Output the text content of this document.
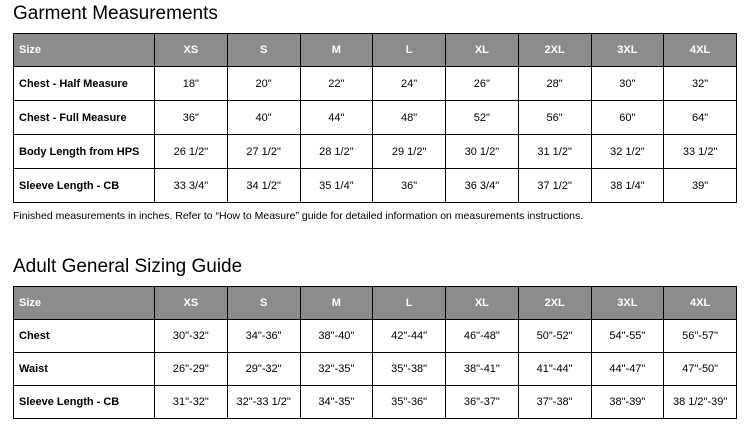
Garment Measurements
Size	XS	S	M	L	XL	2XL	3XL	4XL
Chest - Half Measure	18"	20"	22"	24"	26"	28"	30"	32"
Chest - Full Measure	36"	40"	44"	48"	52"	56"	60"	64"
Body Length from HPS	26 1/2"	27 1/2"	28 1/2"	29 1/2"	30 1/2"	31 1/2"	32 1/2"	33 1/2"
Sleeve Length - CB	33 3/4"	34 1/2"	35 1/4"	36"	36 3/4"	37 1/2"	38 1/4"	39"
Finished measurements in inches. Refer to “How to Measure” guide for detailed information on measurements instructions.
Adult General Sizing Guide
Size	XS	S	M	L	XL	2XL	3XL	4XL
Chest	30"-32"	34"-36"	38"-40"	42"-44"	46"-48"	50"-52"	54"-55"	56"-57"
Waist	26"-29"	29"-32"	32"-35"	35"-38"	38"-41"	41"-44"	44"-47"	47"-50"
Sleeve Length - CB	31"-32"	32"-33 1/2"	34"-35"	35"-36"	36"-37"	37"-38"	38"-39"	38 1/2"-39"
